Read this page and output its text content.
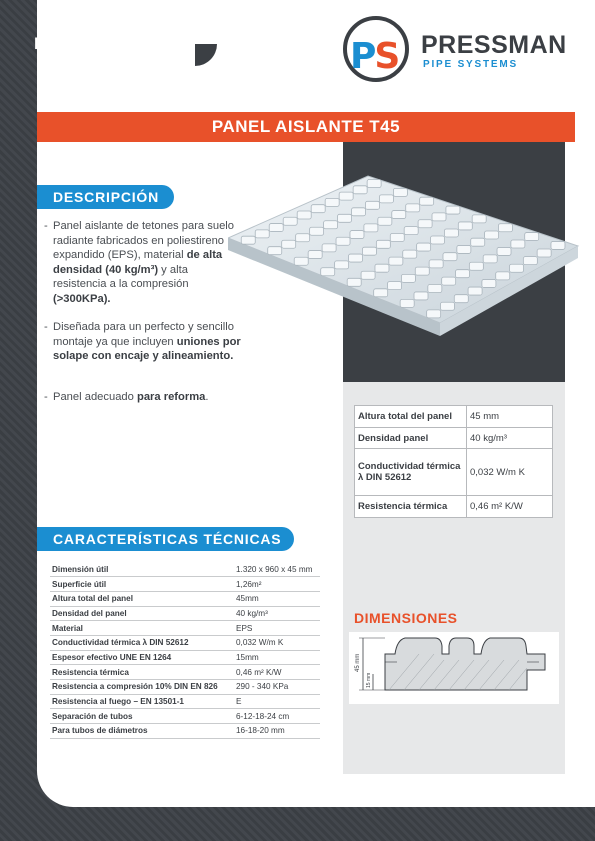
FICHA TÉCNICA	PS PRESSMAN
PIPE SYSTEMS
PANEL AISLANTE T45
DESCRIPCIÓN
- Panel aislante de tetones para suelo radiante fabricados en poliestireno expandido (EPS), material de alta densidad (40 kg/m³) y alta resistencia a la compresión (>300KPa).
- Diseñada para un perfecto y sencillo montaje ya que incluyen uniones por solape con encaje y alineamiento.
- Panel adecuado para reforma.
Altura total del panel	45 mm
Densidad panel	40 kg/m³
Conductividad térmica λ DIN 52612	0,032 W/m K
Resistencia térmica	0,46 m² K/W
CARACTERÍSTICAS TÉCNICAS
Dimensión útil	1.320 x 960 x 45 mm
Superficie útil	1,26m²
Altura total del panel	45mm
Densidad del panel	40 kg/m³
Material	EPS
Conductividad térmica λ DIN 52612	0,032 W/m K
Espesor efectivo UNE EN 1264	15mm
Resistencia térmica	0,46 m² K/W
Resistencia a compresión 10% DIN EN 826	290 - 340 KPa
Resistencia al fuego – EN 13501-1	E
Separación de tubos	6-12-18-24 cm
Para tubos de diámetros	16-18-20 mm
DIMENSIONES
45 mm
15 mm
